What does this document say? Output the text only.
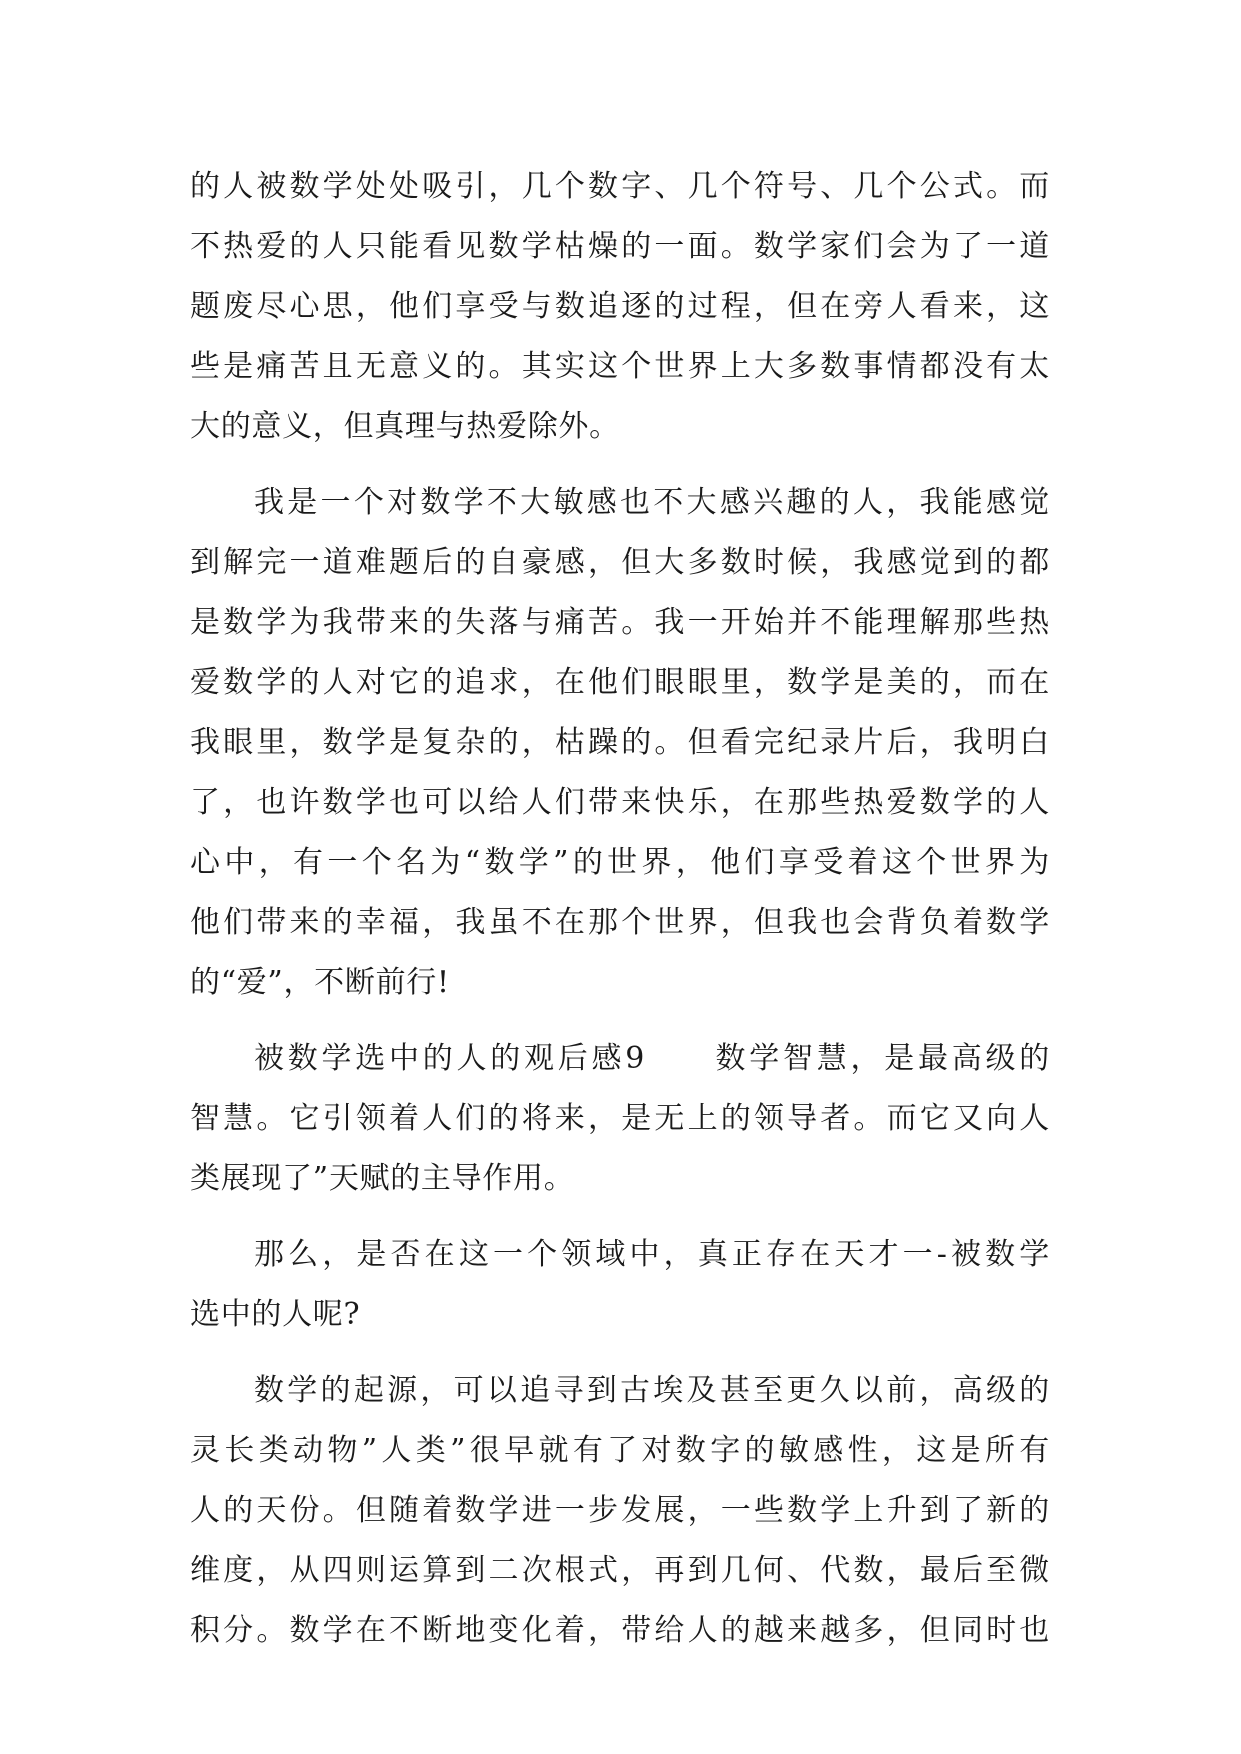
的人被数学处处吸引，几个数字、几个符号、几个公式。而
不热爱的人只能看见数学枯燥的一面。数学家们会为了一道
题废尽心思，他们享受与数追逐的过程，但在旁人看来，这
些是痛苦且无意义的。其实这个世界上大多数事情都没有太
大的意义，但真理与热爱除外。
我是一个对数学不大敏感也不大感兴趣的人，我能感觉
到解完一道难题后的自豪感，但大多数时候，我感觉到的都
是数学为我带来的失落与痛苦。我一开始并不能理解那些热
爱数学的人对它的追求，在他们眼眼里，数学是美的，而在
我眼里，数学是复杂的，枯躁的。但看完纪录片后，我明白
了，也许数学也可以给人们带来快乐，在那些热爱数学的人
心中，有一个名为“数学”的世界，他们享受着这个世界为
他们带来的幸福，我虽不在那个世界，但我也会背负着数学
的“爱”，不断前行!
被数学选中的人的观后感9　　数学智慧，是最高级的
智慧。它引领着人们的将来，是无上的领导者。而它又向人
类展现了”天赋的主导作用。
那么，是否在这一个领域中，真正存在天才一-被数学
选中的人呢?
数学的起源，可以追寻到古埃及甚至更久以前，高级的
灵长类动物”人类”很早就有了对数字的敏感性，这是所有
人的天份。但随着数学进一步发展，一些数学上升到了新的
维度，从四则运算到二次根式，再到几何、代数，最后至微
积分。数学在不断地变化着，带给人的越来越多，但同时也
